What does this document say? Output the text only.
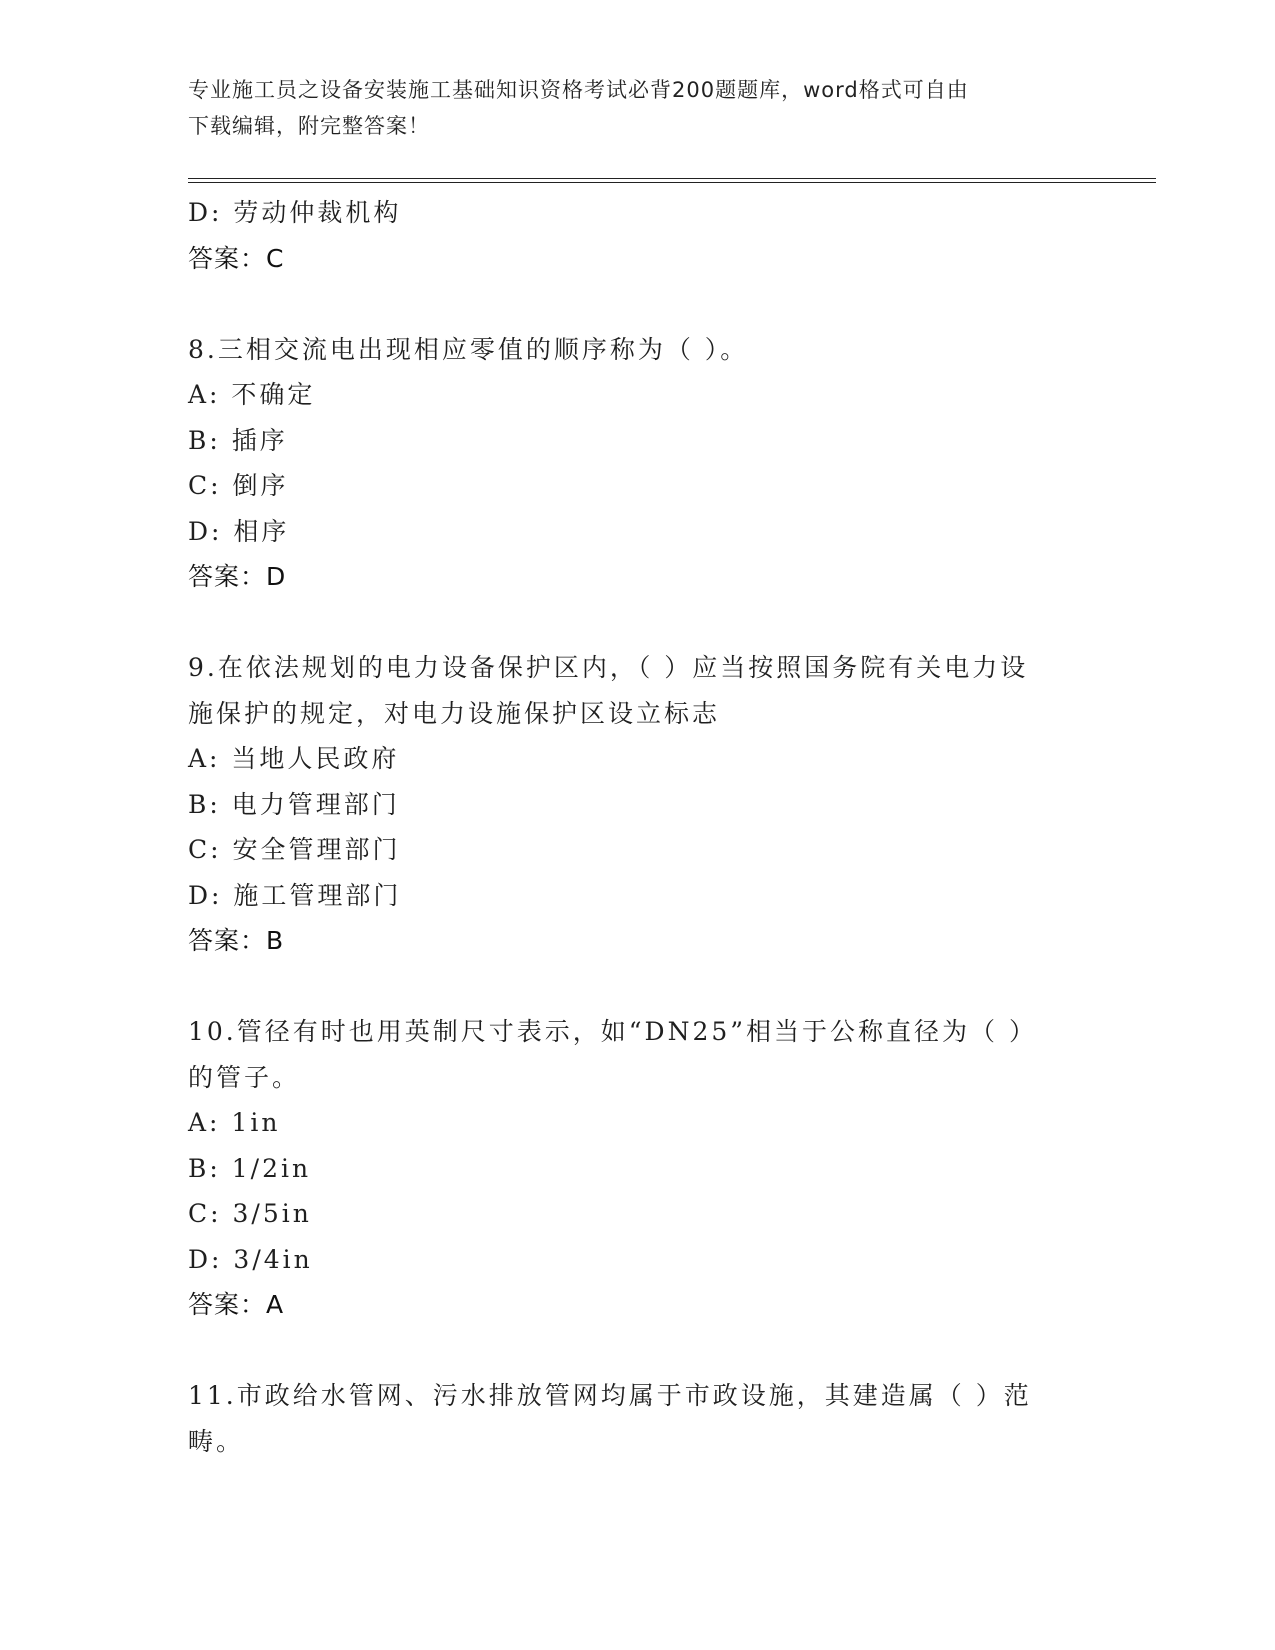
专业施工员之设备安装施工基础知识资格考试必背200题题库，word格式可自由
下载编辑，附完整答案！
D: 劳动仲裁机构
答案：C
8.三相交流电出现相应零值的顺序称为（ ）。
A: 不确定
B: 插序
C: 倒序
D: 相序
答案：D
9.在依法规划的电力设备保护区内，（ ）应当按照国务院有关电力设
施保护的规定，对电力设施保护区设立标志
A: 当地人民政府
B: 电力管理部门
C: 安全管理部门
D: 施工管理部门
答案：B
10.管径有时也用英制尺寸表示，如“DN25”相当于公称直径为（ ）
的管子。
A: 1in
B: 1/2in
C: 3/5in
D: 3/4in
答案：A
11.市政给水管网、污水排放管网均属于市政设施，其建造属（ ）范
畴。
